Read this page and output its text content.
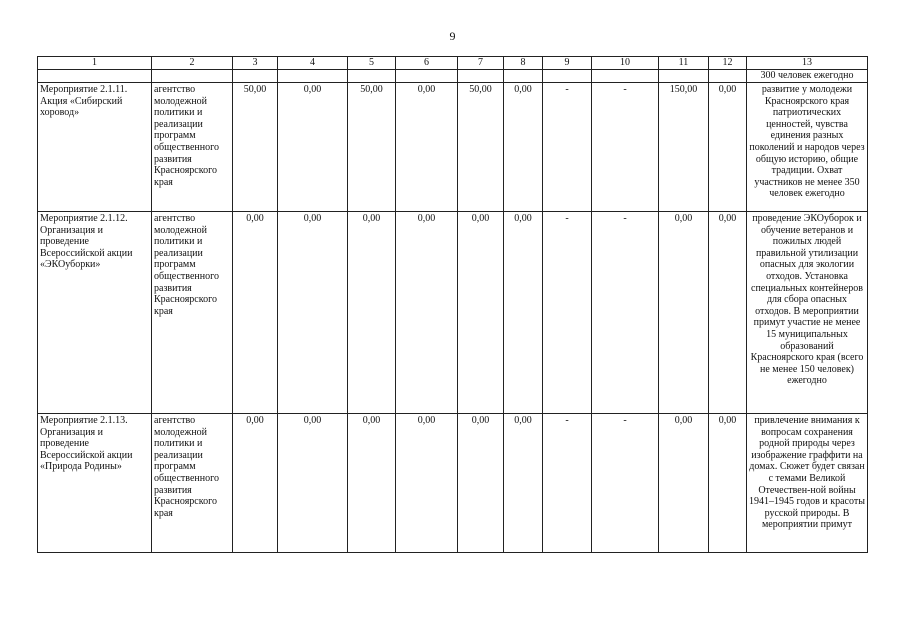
9
1	2	3	4	5	6	7	8	9	10	11	12	13
												300 человек ежегодно
Мероприятие 2.1.11. Акция «Сибирский хоровод»	агентство молодежной политики и реализации программ общественного развития Красноярского края	50,00	0,00	50,00	0,00	50,00	0,00	-	-	150,00	0,00	развитие у молодежи Красноярского края патриотических ценностей, чувства единения разных поколений и народов через общую историю, общие традиции. Охват участников не менее 350 человек ежегодно
Мероприятие 2.1.12. Организация и проведение Всероссийской акции «ЭКОуборки»	агентство молодежной политики и реализации программ общественного развития Красноярского края	0,00	0,00	0,00	0,00	0,00	0,00	-	-	0,00	0,00	проведение ЭКОуборок и обучение ветеранов и пожилых людей правильной утилизации опасных для экологии отходов. Установка специальных контейнеров для сбора опасных отходов. В мероприятии примут участие не менее 15 муниципальных образований Красноярского края (всего не менее 150 человек) ежегодно
Мероприятие 2.1.13. Организация и проведение Всероссийской акции «Природа Родины»	агентство молодежной политики и реализации программ общественного развития Красноярского края	0,00	0,00	0,00	0,00	0,00	0,00	-	-	0,00	0,00	привлечение внимания к вопросам сохранения родной природы через изображение граффити на домах. Сюжет будет связан с темами Великой Отечествен-ной войны 1941–1945 годов и красоты русской природы. В мероприятии примут
